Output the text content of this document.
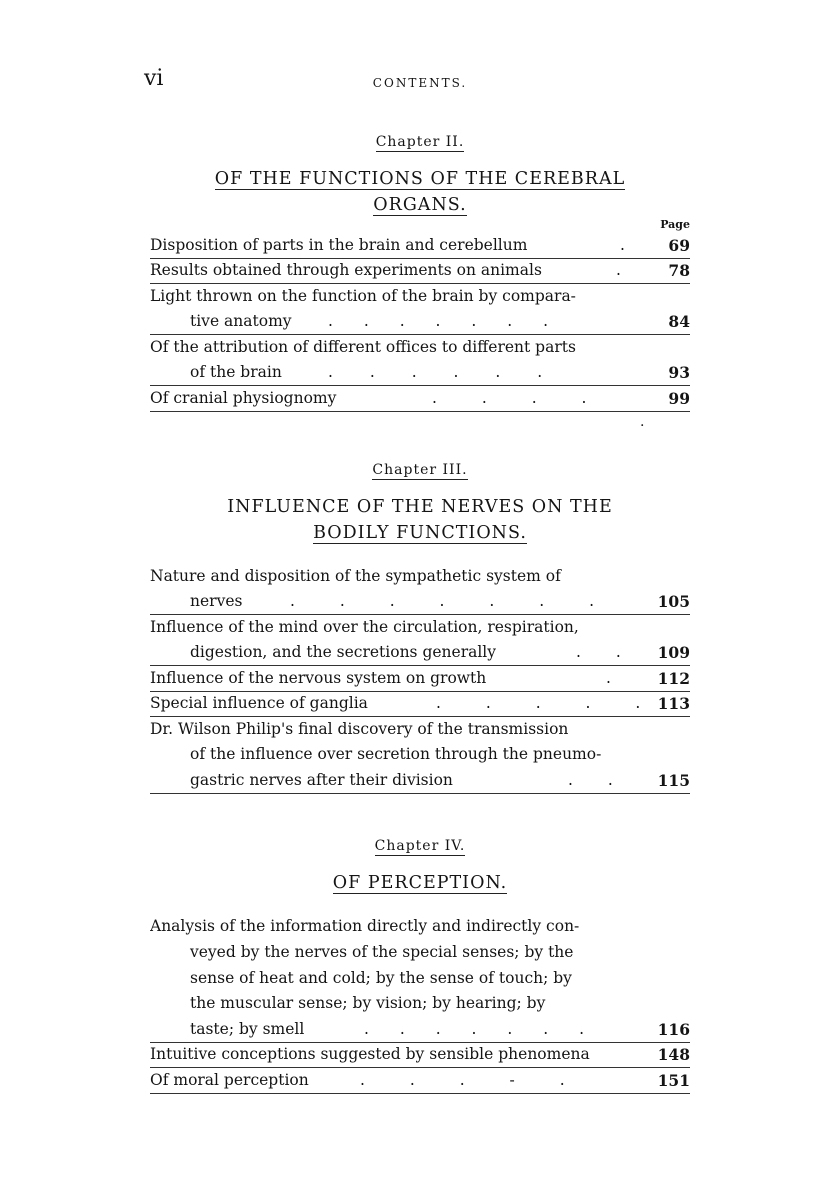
vi	CONTENTS.
Chapter II.
OF THE FUNCTIONS OF THE CEREBRAL
ORGANS.
Page
Disposition of parts in the brain and cerebellum	.	69
Results obtained through experiments on animals	.	78
Light thrown on the function of the brain by compara-
tive anatomy . . . . . . .	84
Of the attribution of different offices to different parts
of the brain	. . . . . .	93
Of cranial physiognomy	. . . .	99
.
Chapter III.
INFLUENCE OF THE NERVES ON THE
BODILY FUNCTIONS.
Nature and disposition of the sympathetic system of
nerves	. . . . . . .	105
Influence of the mind over the circulation, respiration,
digestion, and the secretions generally	. . 109
Influence of the nervous system on growth	.	112
Special influence of ganglia	. . . . . 113
Dr. Wilson Philip's final discovery of the transmission
of the influence over secretion through the pneumo-
gastric nerves after their division	. .	115
Chapter IV.
OF PERCEPTION.
Analysis of the information directly and indirectly con-
veyed by the nerves of the special senses; by the
sense of heat and cold; by the sense of touch; by
the muscular sense; by vision; by hearing; by
taste; by smell	. . . . . . .	116
Intuitive conceptions suggested by sensible phenomena	148
Of moral perception	. . . - .	151
